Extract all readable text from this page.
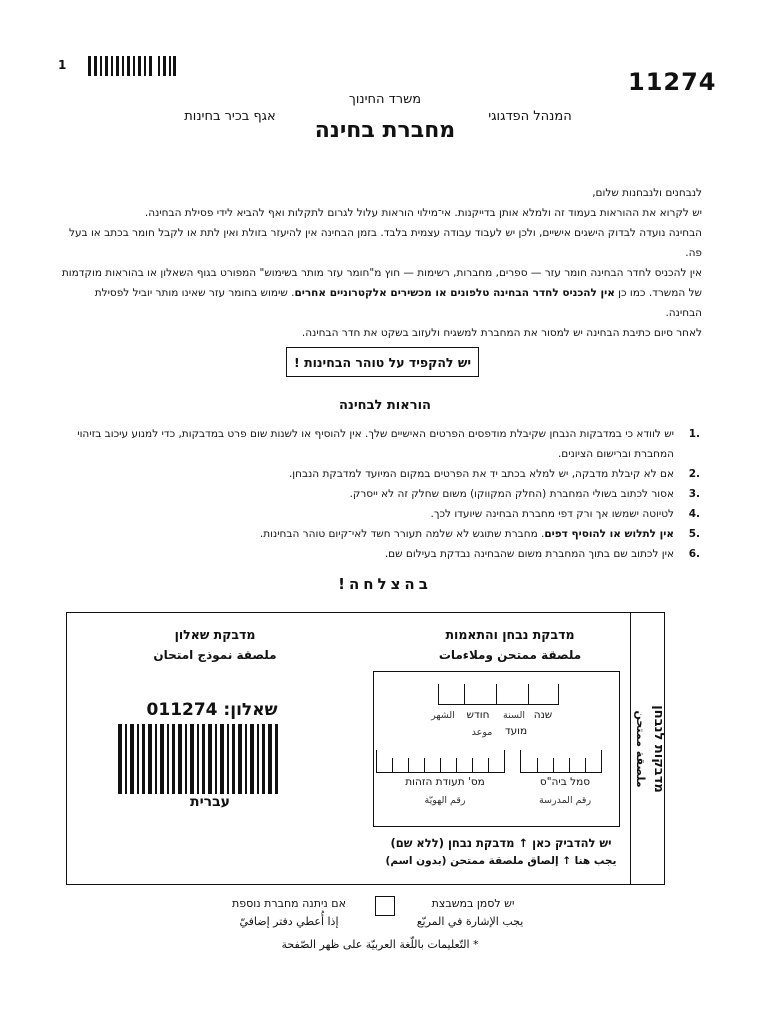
1
11274
משרד החינוך
המנהל הפדגוגי
אגף בכיר בחינות
מחברת בחינה

לנבחנים ולנבחנות שלום,

יש לקרוא את ההוראות בעמוד זה ולמלא אותן בדייקנות. אי־מילוי הוראות עלול לגרום לתקלות ואף להביא לידי פסילת הבחינה.

הבחינה נועדה לבדוק הישגים אישיים, ולכן יש לעבוד עבודה עצמית בלבד. בזמן הבחינה אין להיעזר בזולת ואין לתת או לקבל חומר בכתב או בעל פה.

אין להכניס לחדר הבחינה חומר עזר — ספרים, מחברות, רשימות — חוץ מ"חומר עזר מותר בשימוש" המפורט בגוף השאלון או בהוראות מוקדמות של המשרד. כמו כן אין להכניס לחדר הבחינה טלפונים או מכשירים אלקטרוניים אחרים. שימוש בחומר עזר שאינו מותר יוביל לפסילת הבחינה.

לאחר סיום כתיבת הבחינה יש למסור את המחברת למשגיח ולעזוב בשקט את חדר הבחינה.

יש להקפיד על טוהר הבחינות !
הוראות לבחינה
1.
יש לוודא כי במדבקות הנבחן שקיבלת מודפסים הפרטים האישיים שלך. אין להוסיף או לשנות שום פרט במדבקות, כדי למנוע עיכוב בזיהוי המחברת וברישום הציונים.
2.
אם לא קיבלת מדבקה, יש למלא בכתב יד את הפרטים במקום המיועד למדבקת הנבחן.
3.
אסור לכתוב בשולי המחברת (החלק המקווקו) משום שחלק זה לא ייסרק.
4.
לטיוטה ישמשו אך ורק דפי מחברת הבחינה שיועדו לכך.
5.
אין לתלוש או להוסיף דפים. מחברת שתוגש לא שלמה תעורר חשד לאי־קיום טוהר הבחינות.
6.
אין לכתוב שם בתוך המחברת משום שהבחינה נבדקת בעילום שם.
בהצלחה!
מדבקות לנבחן
ملصقة ممتحن
מדבקת שאלון
ملصقة نموذج امتحان
שאלון: 011274
עברית
מדבקת נבחן והתאמות
ملصقة ممتحن وملاءمات
שנה
السنة
חודש
الشهر
מועד
موعد
סמל ביה"ס
رقم المدرسة
מס' תעודת הזהות
رقم الهويّة
יש להדביק כאן ↑ מדבקת נבחן (ללא שם)
يجب هنا ↑ إلصاق ملصقة ممتحن (بدون اسم)
יש לסמן במשבצת
يجب الإشارة في المربّع
אם ניתנה מחברת נוספת
إذا أُعطي دفتر إضافيّ
* التّعليمات باللّغة العربيّة على ظهر الصّفحة
